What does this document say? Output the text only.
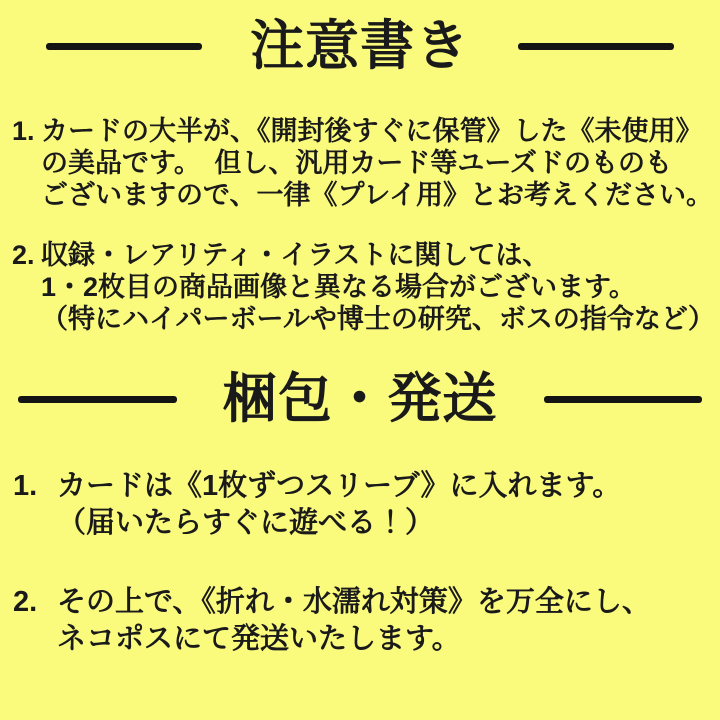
注意書き
1. カードの大半が、《開封後すぐに保管》した《未使用》
の美品です。　但し、汎用カード等ユーズドのものも
ございますので、一律《プレイ用》とお考えください。
2. 収録・レアリティ・イラストに関しては、
1・2枚目の商品画像と異なる場合がございます。
（特にハイパーボールや博士の研究、ボスの指令など）
梱包・発送
1. カードは《1枚ずつスリーブ》に入れます。
（届いたらすぐに遊べる！）
2. その上で、《折れ・水濡れ対策》を万全にし、
ネコポスにて発送いたします。
